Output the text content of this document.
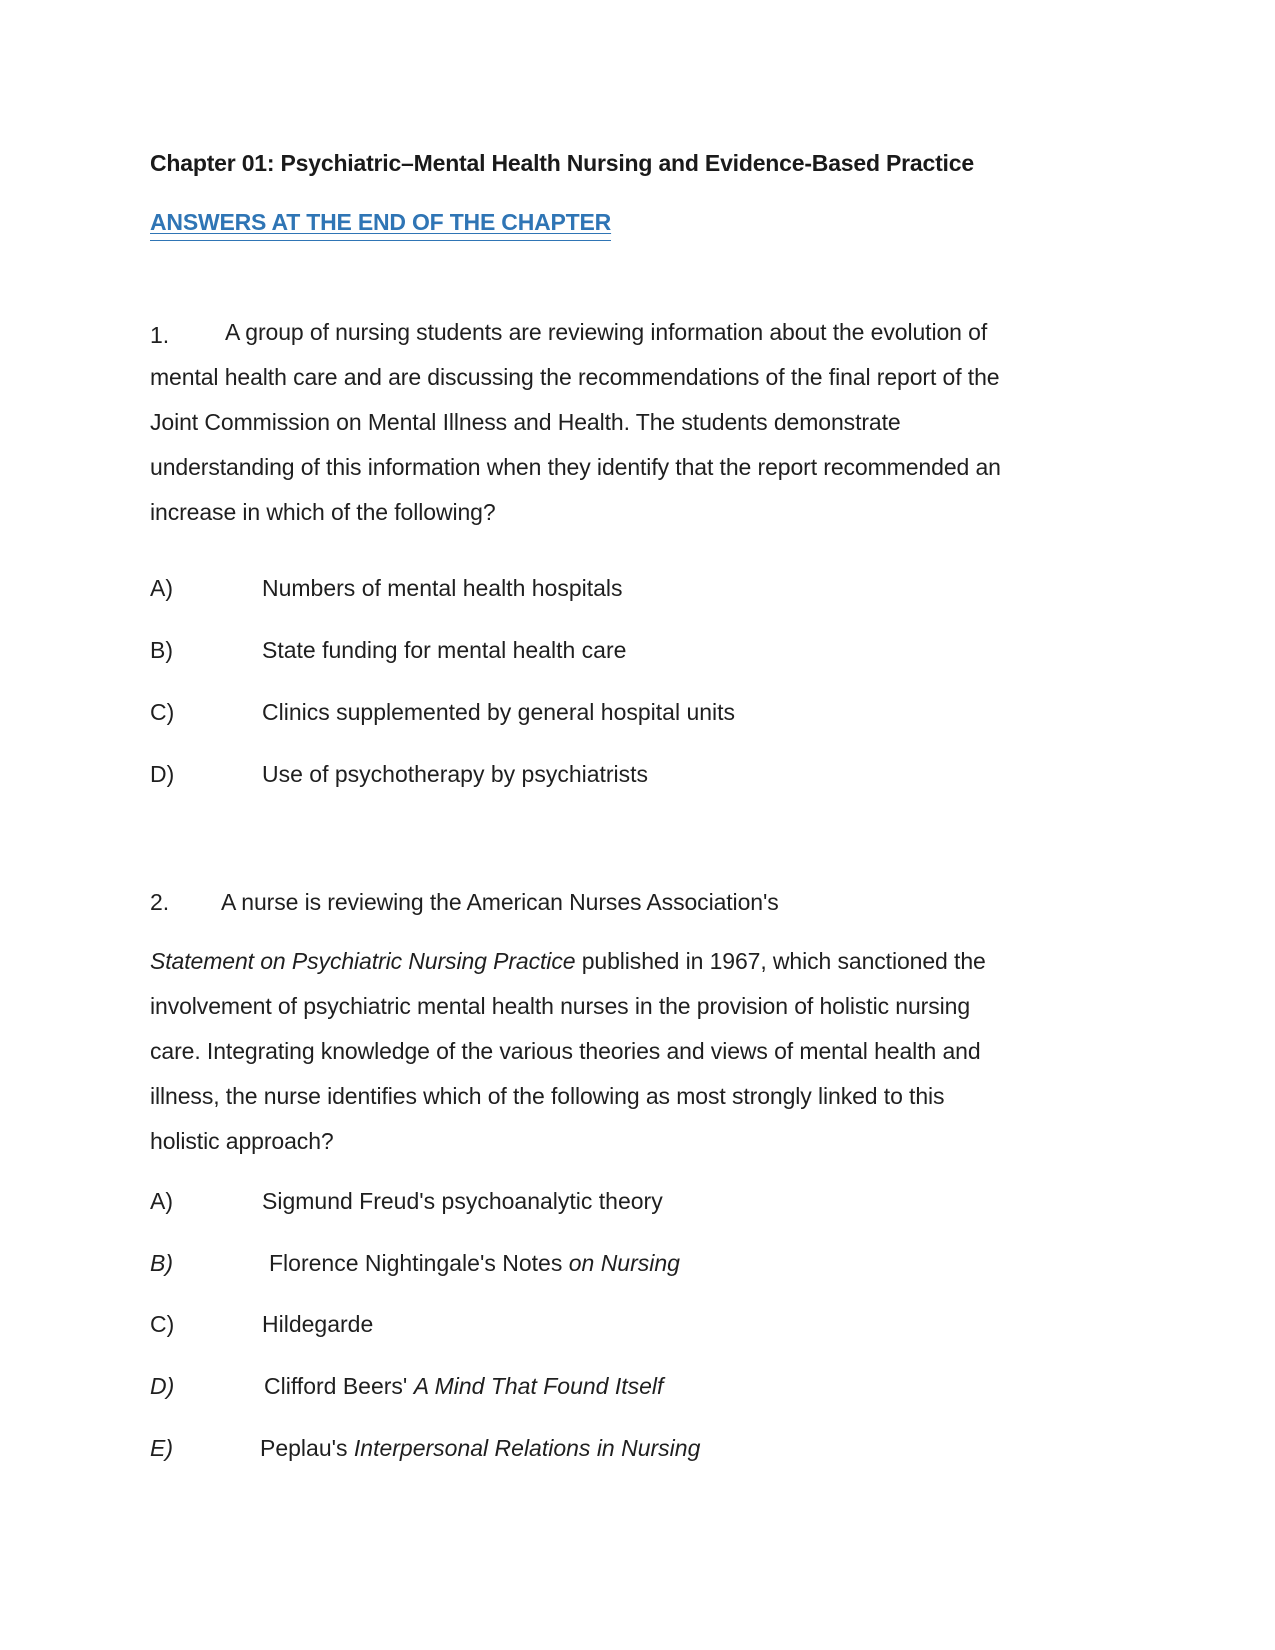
Chapter 01: Psychiatric–Mental Health Nursing and Evidence-Based Practice
ANSWERS AT THE END OF THE CHAPTER
1.	A group of nursing students are reviewing information about the evolution of
mental health care and are discussing the recommendations of the final report of the
Joint Commission on Mental Illness and Health. The students demonstrate
understanding of this information when they identify that the report recommended an
increase in which of the following?
A)	Numbers of mental health hospitals
B)	State funding for mental health care
C)	Clinics supplemented by general hospital units
D)	Use of psychotherapy by psychiatrists
2. A nurse is reviewing the American Nurses Association's
Statement on Psychiatric Nursing Practice published in 1967, which sanctioned the
involvement of psychiatric mental health nurses in the provision of holistic nursing
care. Integrating knowledge of the various theories and views of mental health and
illness, the nurse identifies which of the following as most strongly linked to this
holistic approach?
A)	Sigmund Freud's psychoanalytic theory
B)	Florence Nightingale's Notes on Nursing
C)	Hildegarde
D)	Clifford Beers' A Mind That Found Itself
E)	Peplau's Interpersonal Relations in Nursing
